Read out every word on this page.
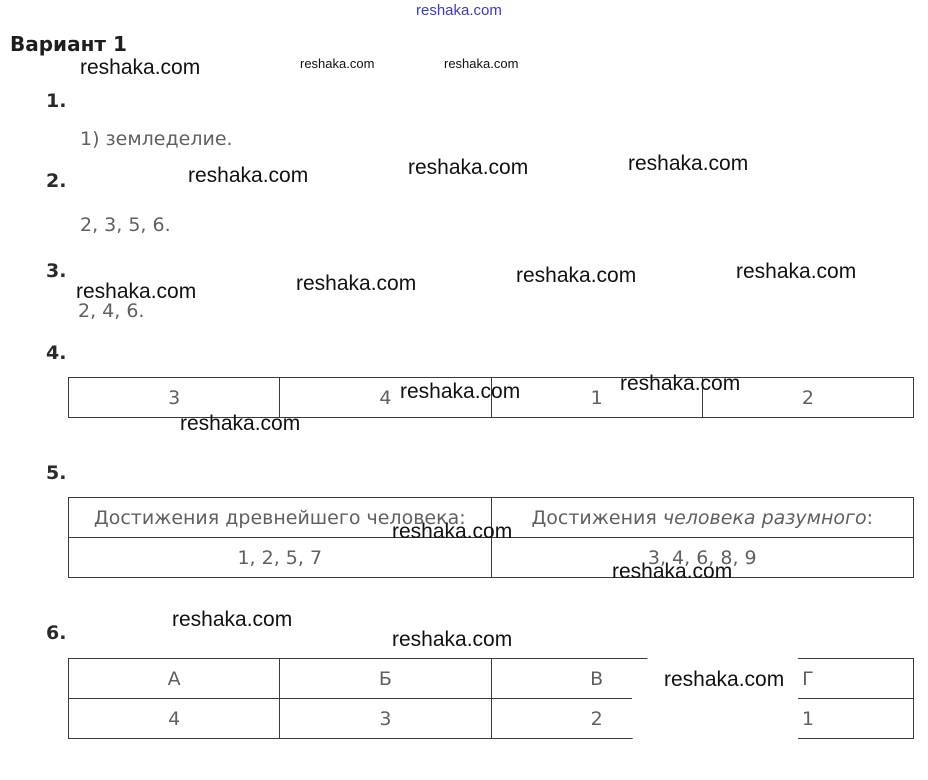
reshaka.com
Вариант 1
1.
1) земледелие.
2.
2, 3, 5, 6.
3.
2, 4, 6.
4.
3	4	1	2
5.
Достижения древнейшего человека:	Достижения человека разумного:
1, 2, 5, 7	3, 4, 6, 8, 9
6.
А	Б	В	Г
4	3	2	1
reshaka.com	reshaka.com	reshaka.com
reshaka.com	reshaka.com	reshaka.com
reshaka.com	reshaka.com	reshaka.com	reshaka.com
reshaka.com	reshaka.com
reshaka.com
reshaka.com
reshaka.com
reshaka.com
reshaka.com
reshaka.com
